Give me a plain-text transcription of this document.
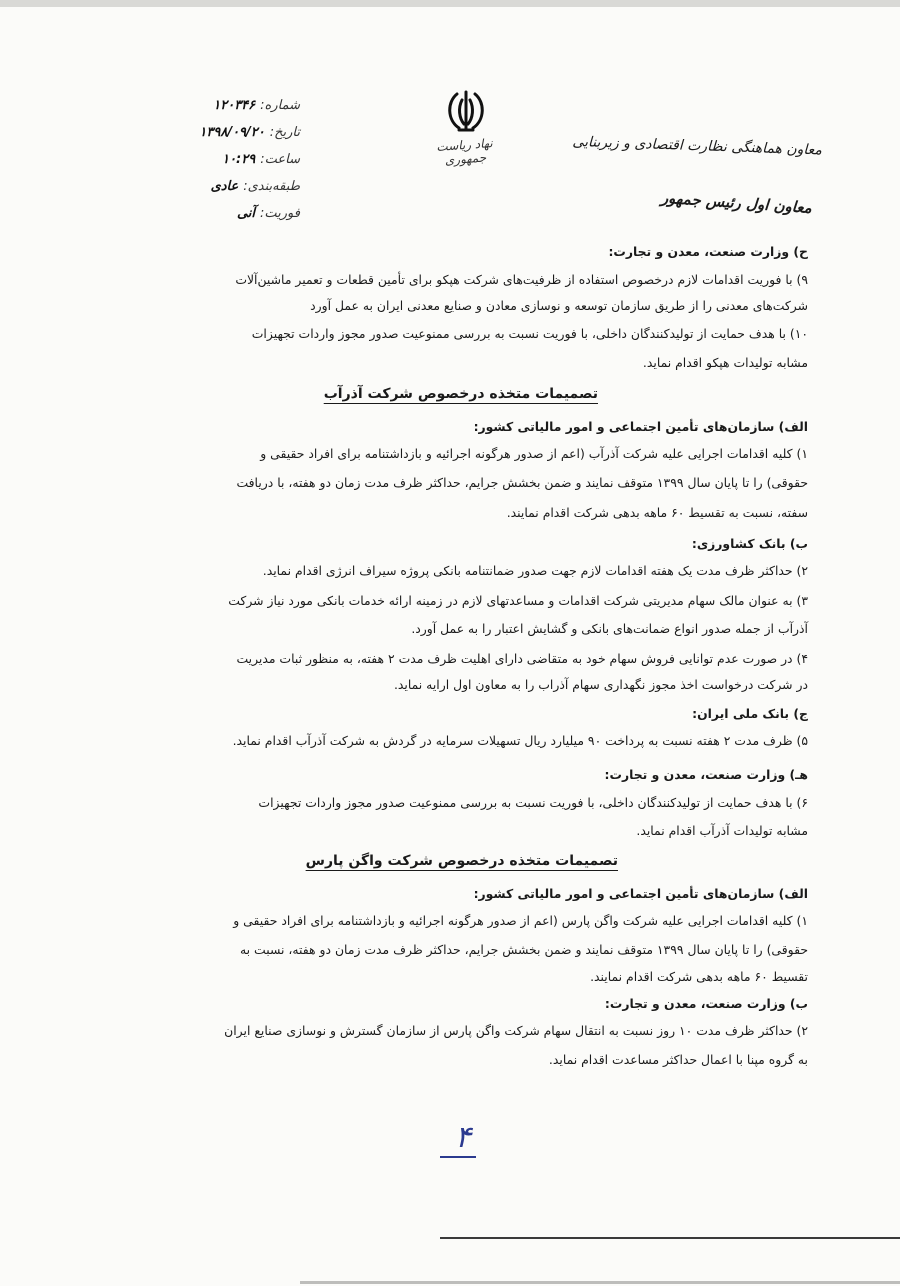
شماره:
۱۲۰۳۴۶
تاریخ:
۱۳۹۸/۰۹/۲۰
ساعت:
۱۰:۲۹
طبقه‌بندی:
عادی
فوریت:
آنی
نهاد ریاست جمهوری
معاون هماهنگی نظارت اقتصادی و زیربنایی
معاون اول رئیس جمهور
ح) وزارت صنعت، معدن و تجارت:
۹) با فوریت اقدامات لازم درخصوص استفاده از ظرفیت‌های شرکت هپکو برای تأمین قطعات و تعمیر ماشین‌آلات
شرکت‌های معدنی را از طریق سازمان توسعه و نوسازی معادن و صنایع معدنی ایران به عمل آورد
۱۰) با هدف حمایت از تولیدکنندگان داخلی، با فوریت نسبت به بررسی ممنوعیت صدور مجوز واردات تجهیزات
مشابه تولیدات هپکو اقدام نماید.
تصمیمات متخذه درخصوص شرکت آذرآب
الف) سازمان‌های تأمین اجتماعی و امور مالیاتی کشور:
۱) کلیه اقدامات اجرایی علیه شرکت آذرآب (اعم از صدور هرگونه اجرائیه و بازداشتنامه برای افراد حقیقی و
حقوقی) را تا پایان سال ۱۳۹۹ متوقف نمایند و ضمن بخشش جرایم، حداکثر ظرف مدت زمان دو هفته، با دریافت
سفته، نسبت به تقسیط ۶۰ ماهه بدهی شرکت اقدام نمایند.
ب) بانک کشاورزی:
۲) حداکثر ظرف مدت یک هفته اقدامات لازم جهت صدور ضمانتنامه بانکی پروژه سیراف انرژی اقدام نماید.
۳) به عنوان مالک سهام مدیریتی شرکت اقدامات و مساعدتهای لازم در زمینه ارائه خدمات بانکی مورد نیاز شرکت
آذرآب از جمله صدور انواع ضمانت‌های بانکی و گشایش اعتبار را به عمل آورد.
۴) در صورت عدم توانایی فروش سهام خود به متقاضی دارای اهلیت ظرف مدت ۲ هفته، به منظور ثبات مدیریت
در شرکت درخواست اخذ مجوز نگهداری سهام آذراب را به معاون اول ارایه نماید.
ج) بانک ملی ایران:
۵) ظرف مدت ۲ هفته نسبت به پرداخت ۹۰ میلیارد ریال تسهیلات سرمایه در گردش به شرکت آذرآب اقدام نماید.
هـ) وزارت صنعت، معدن و تجارت:
۶) با هدف حمایت از تولیدکنندگان داخلی، با فوریت نسبت به بررسی ممنوعیت صدور مجوز واردات تجهیزات
مشابه تولیدات آذرآب اقدام نماید.
تصمیمات متخذه درخصوص شرکت واگن پارس
الف) سازمان‌های تأمین اجتماعی و امور مالیاتی کشور:
۱) کلیه اقدامات اجرایی علیه شرکت واگن پارس (اعم از صدور هرگونه اجرائیه و بازداشتنامه برای افراد حقیقی و
حقوقی) را تا پایان سال ۱۳۹۹ متوقف نمایند و ضمن بخشش جرایم، حداکثر ظرف مدت زمان دو هفته، نسبت به
تقسیط ۶۰ ماهه بدهی شرکت اقدام نمایند.
ب) وزارت صنعت، معدن و تجارت:
۲) حداکثر ظرف مدت ۱۰ روز نسبت به انتقال سهام شرکت واگن پارس از سازمان گسترش و نوسازی صنایع ایران
به گروه مپنا با اعمال حداکثر مساعدت اقدام نماید.
۴
